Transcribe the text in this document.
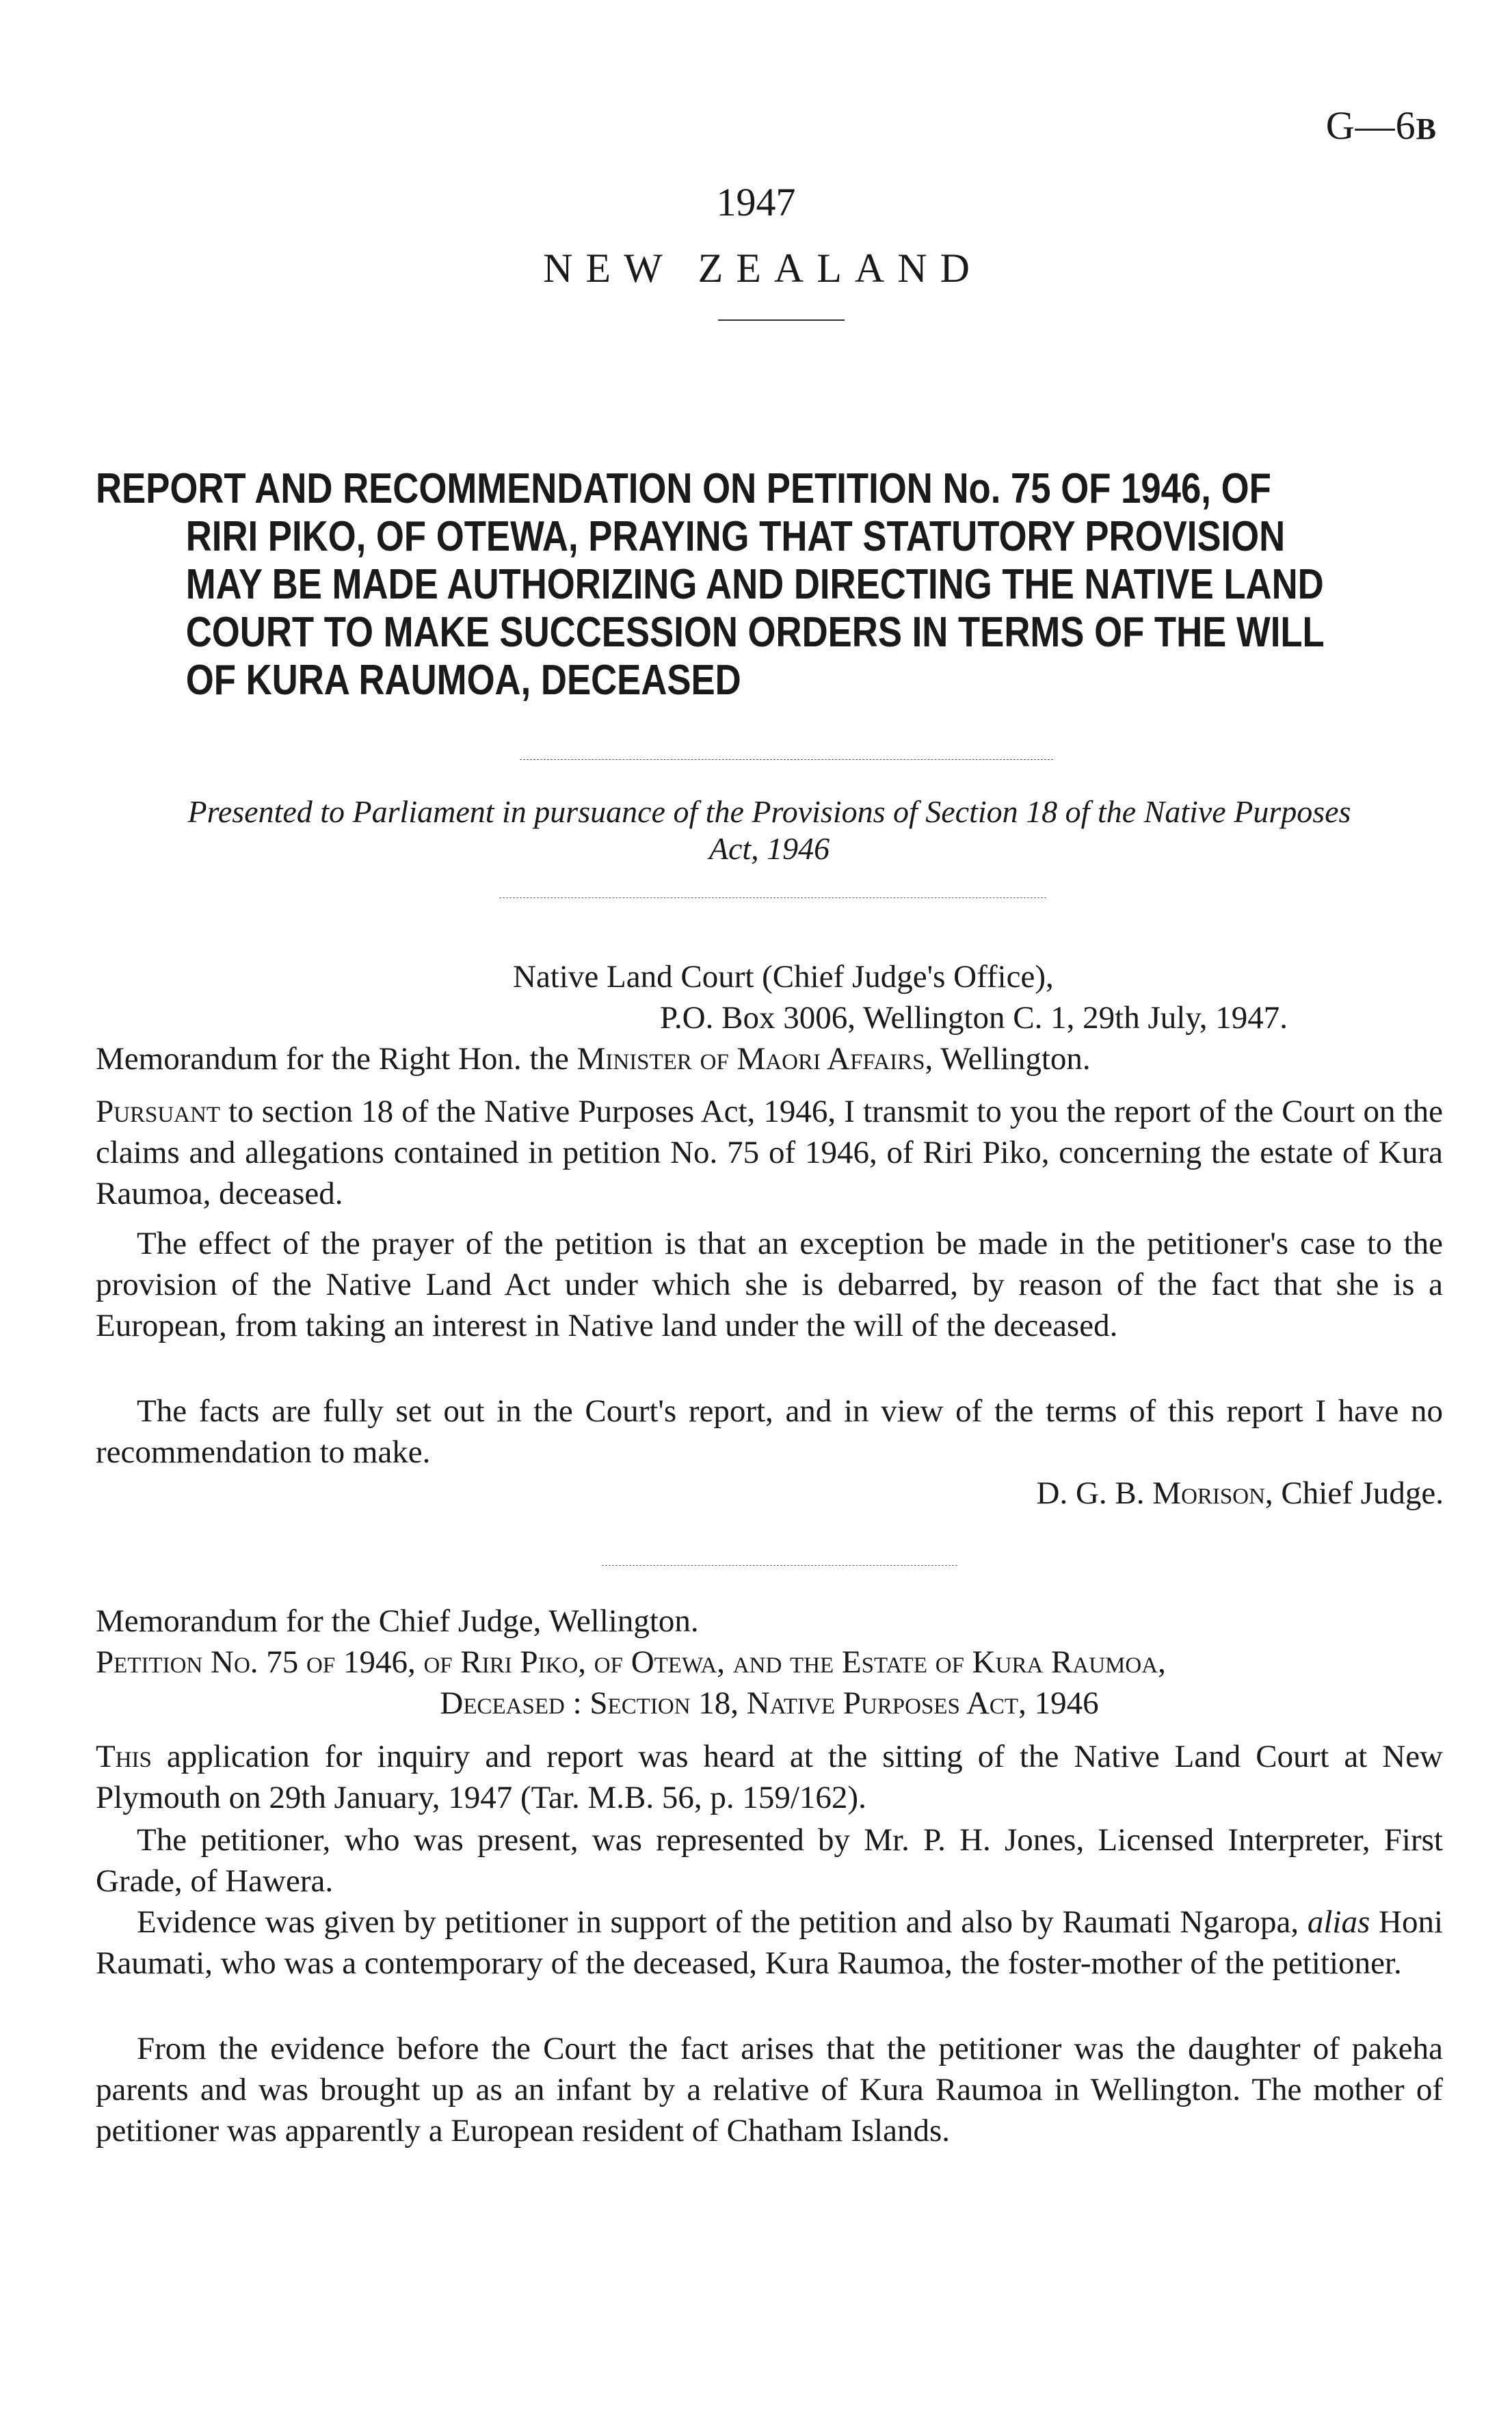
G—6B
1947
NEW ZEALAND
REPORT AND RECOMMENDATION ON PETITION No. 75 OF 1946, OF
RIRI PIKO, OF OTEWA, PRAYING THAT STATUTORY PROVISION
MAY BE MADE AUTHORIZING AND DIRECTING THE NATIVE LAND
COURT TO MAKE SUCCESSION ORDERS IN TERMS OF THE WILL
OF KURA RAUMOA, DECEASED
Presented to Parliament in pursuance of the Provisions of Section 18 of the Native Purposes
Act, 1946
Native Land Court (Chief Judge's Office),
P.O. Box 3006, Wellington C. 1, 29th July, 1947.
Memorandum for the Right Hon. the Minister of Maori Affairs, Wellington.

Pursuant to section 18 of the Native Purposes Act, 1946, I transmit to you the report of the Court on the claims and allegations contained in petition No. 75 of 1946, of Riri Piko, concerning the estate of Kura Raumoa, deceased.

The effect of the prayer of the petition is that an exception be made in the petitioner's case to the provision of the Native Land Act under which she is debarred, by reason of the fact that she is a European, from taking an interest in Native land under the will of the deceased.

The facts are fully set out in the Court's report, and in view of the terms of this report I have no recommendation to make.

D. G. B. Morison, Chief Judge.
Memorandum for the Chief Judge, Wellington.
Petition No. 75 of 1946, of Riri Piko, of Otewa, and the Estate of Kura Raumoa,
Deceased : Section 18, Native Purposes Act, 1946

This application for inquiry and report was heard at the sitting of the Native Land Court at New Plymouth on 29th January, 1947 (Tar. M.B. 56, p. 159/162).

The petitioner, who was present, was represented by Mr. P. H. Jones, Licensed Interpreter, First Grade, of Hawera.

Evidence was given by petitioner in support of the petition and also by Raumati Ngaropa, alias Honi Raumati, who was a contemporary of the deceased, Kura Raumoa, the foster-mother of the petitioner.

From the evidence before the Court the fact arises that the petitioner was the daughter of pakeha parents and was brought up as an infant by a relative of Kura Raumoa in Wellington. The mother of petitioner was apparently a European resident of Chatham Islands.
